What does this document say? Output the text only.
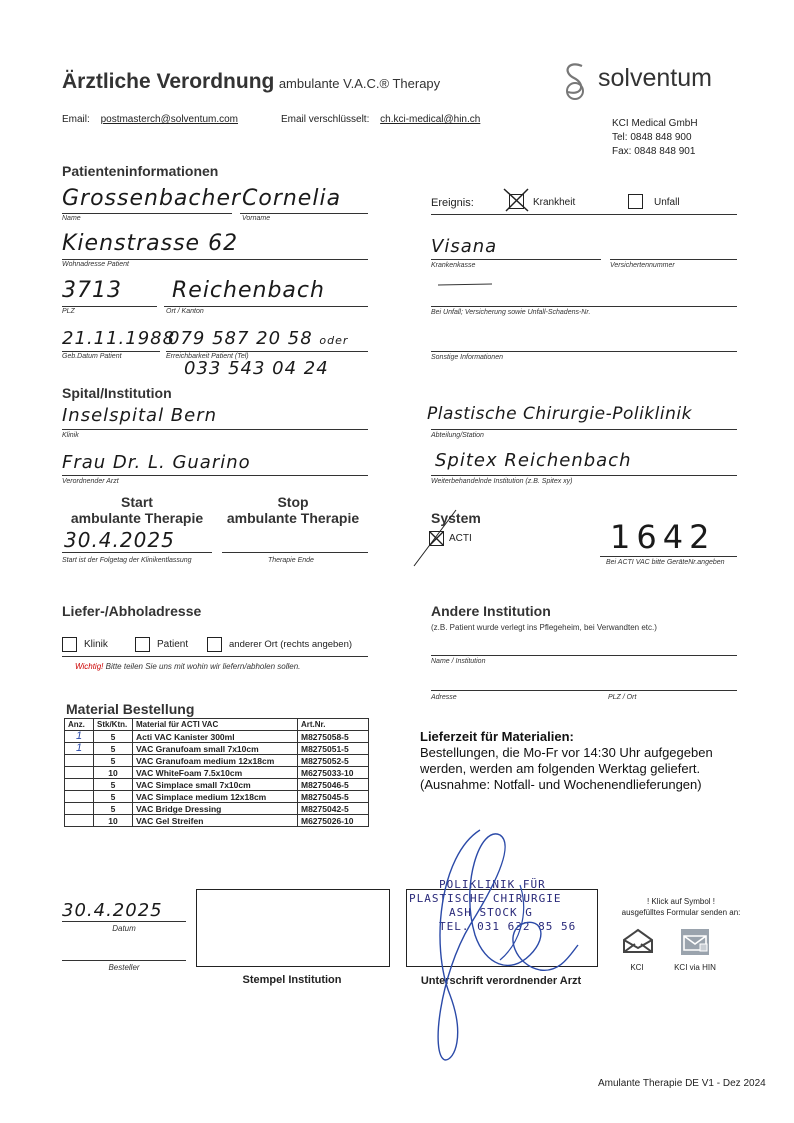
Ärztliche Verordnung ambulante V.A.C.® Therapy
Email: postmasterch@solventum.com	Email verschlüsselt: ch.kci-medical@hin.ch
solventum
KCI Medical GmbH
Tel: 0848 848 900
Fax: 0848 848 901
Patienteninformationen
Grossenbacher Cornelia
Name	Vorname
Kienstrasse 62
Wohnadresse Patient
3713 Reichenbach
PLZ	Ort / Kanton
21.11.1988
079 587 20 58 oder
Geb.Datum Patient	Erreichbarkeit Patient (Tel)
033 543 04 24
Ereignis:	Krankheit	Unfall
Visana
Krankenkasse	Versichertennummer
Bei Unfall; Versicherung sowie Unfall-Schadens-Nr.
Sonstige Informationen
Spital/Institution
Inselspital Bern
Klinik
Plastische Chirurgie-Poliklinik
Abteilung/Station
Frau Dr. L. Guarino
Verordnender Arzt
Spitex Reichenbach
Weiterbehandelnde Institution (z.B. Spitex xy)
Start
ambulante Therapie
Stop
ambulante Therapie
30.4.2025
Start ist der Folgetag der Klinikentlassung	Therapie Ende
System
ACTI	1642
Bei ACTI VAC bitte GeräteNr.angeben
Liefer-/Abholadresse
Klinik	Patient	anderer Ort (rechts angeben)
Wichtig! Bitte teilen Sie uns mit wohin wir liefern/abholen sollen.
Andere Institution
(z.B. Patient wurde verlegt ins Pflegeheim, bei Verwandten etc.)
Name / Institution
Adresse	PLZ / Ort
Material Bestellung
Anz.	Stk/Ktn.	Material für ACTI VAC	Art.Nr.
1	5	Acti VAC Kanister 300ml	M8275058-5
1	5	VAC Granufoam small 7x10cm	M8275051-5
	5	VAC Granufoam medium 12x18cm	M8275052-5
	10	VAC WhiteFoam 7.5x10cm	M6275033-10
	5	VAC Simplace small 7x10cm	M8275046-5
	5	VAC Simplace medium 12x18cm	M8275045-5
	5	VAC Bridge Dressing	M8275042-5
	10	VAC Gel Streifen	M6275026-10
Lieferzeit für Materialien:
Bestellungen, die Mo-Fr vor 14:30 Uhr aufgegeben
werden, werden am folgenden Werktag geliefert.
(Ausnahme: Notfall- und Wochenendlieferungen)
30.4.2025
Datum
Besteller
Stempel Institution
POLIKLINIK FÜR
PLASTISCHE CHIRURGIE
ASH STOCK G
TEL. 031 632 85 56
Unterschrift verordnender Arzt
! Klick auf Symbol !
ausgefülltes Formular senden an:
KCI	KCI via HIN
Amulante Therapie DE V1 - Dez 2024
